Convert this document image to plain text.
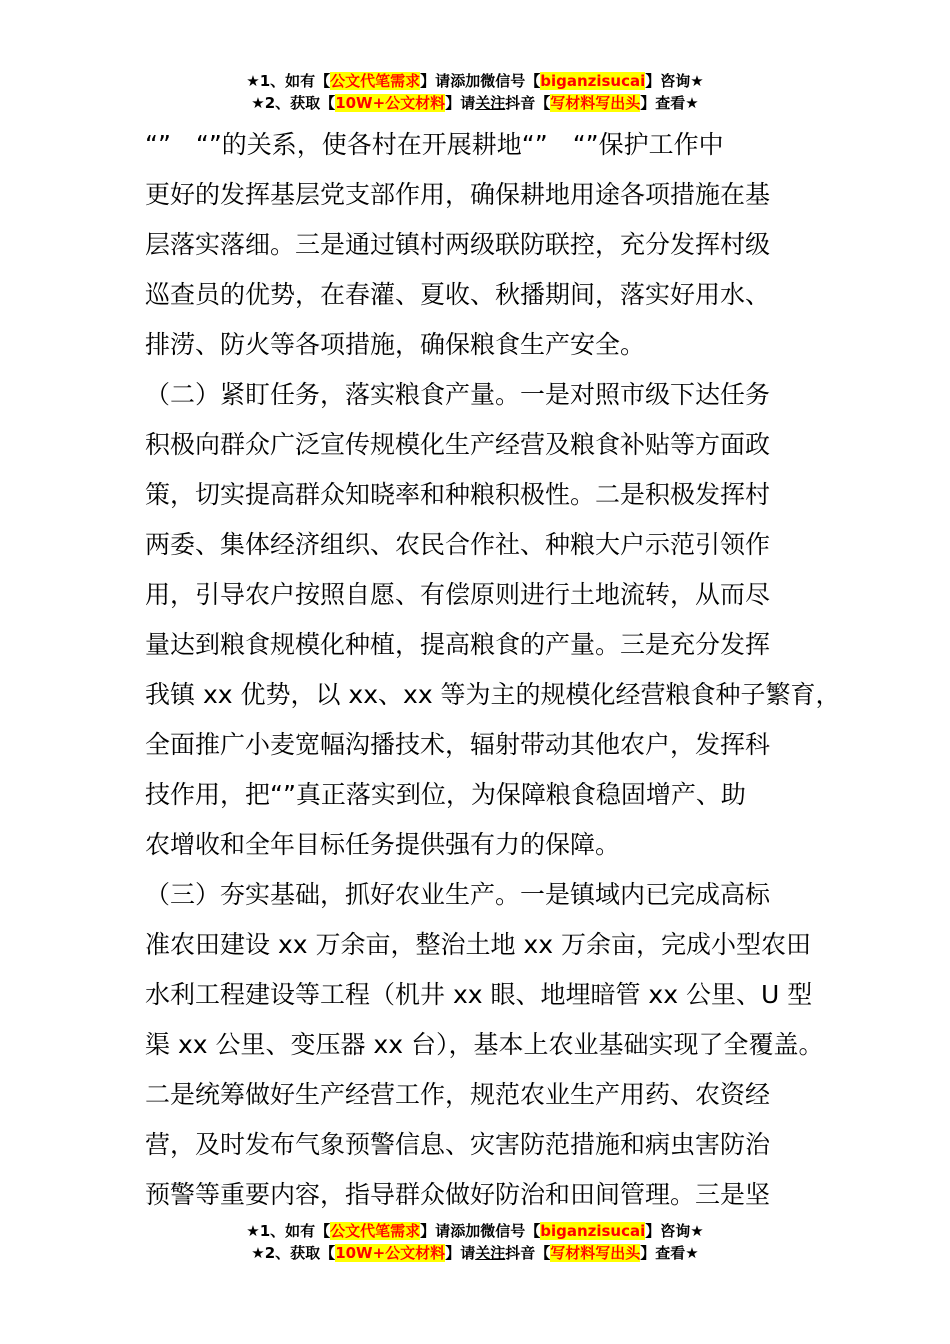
★1、如有【公文代笔需求】请添加微信号【biganzisucai】咨询★
★2、获取【10W+公文材料】请关注抖音【写材料写出头】查看★
“”　“”的关系，使各村在开展耕地“”　“”保护工作中
更好的发挥基层党支部作用，确保耕地用途各项措施在基
层落实落细。三是通过镇村两级联防联控，充分发挥村级
巡查员的优势，在春灌、夏收、秋播期间，落实好用水、
排涝、防火等各项措施，确保粮食生产安全。
（二）紧盯任务，落实粮食产量。一是对照市级下达任务
积极向群众广泛宣传规模化生产经营及粮食补贴等方面政
策，切实提高群众知晓率和种粮积极性。二是积极发挥村
两委、集体经济组织、农民合作社、种粮大户示范引领作
用，引导农户按照自愿、有偿原则进行土地流转，从而尽
量达到粮食规模化种植，提高粮食的产量。三是充分发挥
我镇 xx 优势，以 xx、xx 等为主的规模化经营粮食种子繁育，
全面推广小麦宽幅沟播技术，辐射带动其他农户，发挥科
技作用，把“”真正落实到位，为保障粮食稳固增产、助
农增收和全年目标任务提供强有力的保障。
（三）夯实基础，抓好农业生产。一是镇域内已完成高标
准农田建设 xx 万余亩，整治土地 xx 万余亩，完成小型农田
水利工程建设等工程（机井 xx 眼、地埋暗管 xx 公里、U 型
渠 xx 公里、变压器 xx 台），基本上农业基础实现了全覆盖。
二是统筹做好生产经营工作，规范农业生产用药、农资经
营，及时发布气象预警信息、灾害防范措施和病虫害防治
预警等重要内容，指导群众做好防治和田间管理。三是坚
★1、如有【公文代笔需求】请添加微信号【biganzisucai】咨询★
★2、获取【10W+公文材料】请关注抖音【写材料写出头】查看★
